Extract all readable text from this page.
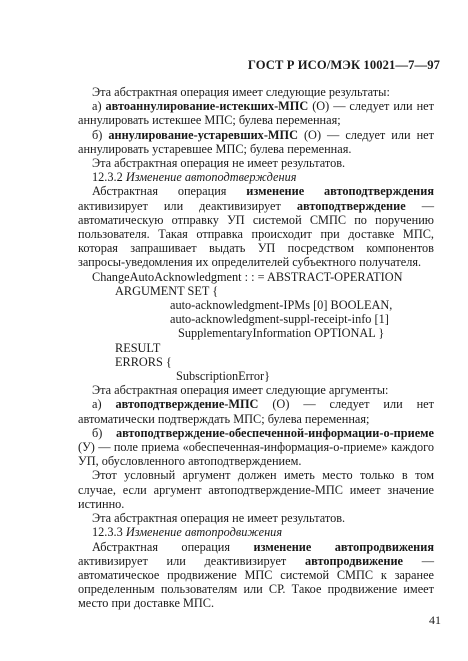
ГОСТ Р ИСО/МЭК 10021—7—97

Эта абстрактная операция имеет следующие результаты:

а) автоаннулирование-истекших-МПС (О) — следует или нет аннулировать истекшее МПС; булева переменная;

б) аннулирование-устаревших-МПС (О) — следует или нет аннулировать устаревшее МПС; булева переменная.

Эта абстрактная операция не имеет результатов.

12.3.2 Изменение автоподтверждения

Абстрактная операция изменение автоподтверждения активизирует или деактивизирует автоподтверждение —автоматическую отправку УП системой СМПС по поручению пользователя. Такая отправка происходит при доставке МПС, которая запрашивает выдать УП посредством компонентов запросы-уведомления их определителей субъектного получателя.

ChangeAutoAcknowledgment : : = ABSTRACT-OPERATION

ARGUMENT SET {

auto-acknowledgment-IPMs [0] BOOLEAN,

auto-acknowledgment-suppl-receipt-info [1]

SupplementaryInformation OPTIONAL }

RESULT

ERRORS {

SubscriptionError}

Эта абстрактная операция имеет следующие аргументы:

а) автоподтверждение-МПС (О) — следует или нет автоматически подтверждать МПС; булева переменная;

б) автоподтверждение-обеспеченной-информации-о-приеме (У) — поле приема «обеспеченная-информация-о-приеме» каждого УП, обусловленного автоподтверждением.

Этот условный аргумент должен иметь место только в том случае, если аргумент автоподтверждение-МПС имеет значение истинно.

Эта абстрактная операция не имеет результатов.

12.3.3 Изменение автопродвижения

Абстрактная операция изменение автопродвижения активизирует или деактивизирует автопродвижение — автоматическое продвижение МПС системой СМПС к заранее определенным пользователям или СР. Такое продвижение имеет место при доставке МПС.

41
